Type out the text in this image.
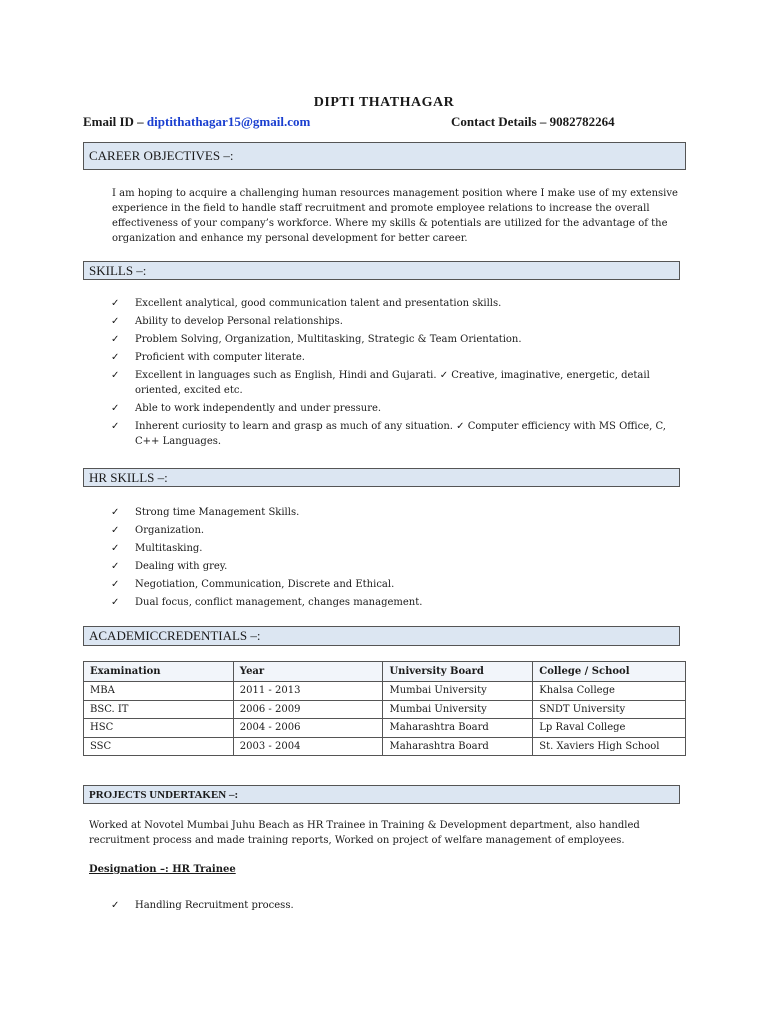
DIPTI THATHAGAR
Email ID – diptithathagar15@gmail.com	Contact Details – 9082782264
CAREER OBJECTIVES –:

I am hoping to acquire a challenging human resources management position where I make use of my extensive experience in the field to handle staff recruitment and promote employee relations to increase the overall effectiveness of your company’s workforce. Where my skills & potentials are utilized for the advantage of the organization and enhance my personal development for better career.

SKILLS –:
✓ Excellent analytical, good communication talent and presentation skills.
✓ Ability to develop Personal relationships.
✓ Problem Solving, Organization, Multitasking, Strategic & Team Orientation.
✓ Proficient with computer literate.
✓ Excellent in languages such as English, Hindi and Gujarati. ✓ Creative, imaginative, energetic, detail oriented, excited etc.
✓ Able to work independently and under pressure.
✓ Inherent curiosity to learn and grasp as much of any situation. ✓ Computer efficiency with MS Office, C, C++ Languages.
HR SKILLS –:
✓ Strong time Management Skills.
✓ Organization.
✓ Multitasking.
✓ Dealing with grey.
✓ Negotiation, Communication, Discrete and Ethical.
✓ Dual focus, conflict management, changes management.
ACADEMICCREDENTIALS –:
Examination	Year	University Board	College / School
MBA	2011 - 2013	Mumbai University	Khalsa College
BSC. IT	2006 - 2009	Mumbai University	SNDT University
HSC	2004 - 2006	Maharashtra Board	Lp Raval College
SSC	2003 - 2004	Maharashtra Board	St. Xaviers High School
PROJECTS UNDERTAKEN –:

Worked at Novotel Mumbai Juhu Beach as HR Trainee in Training & Development department, also handled recruitment process and made training reports, Worked on project of welfare management of employees.

Designation –: HR Trainee
✓ Handling Recruitment process.
